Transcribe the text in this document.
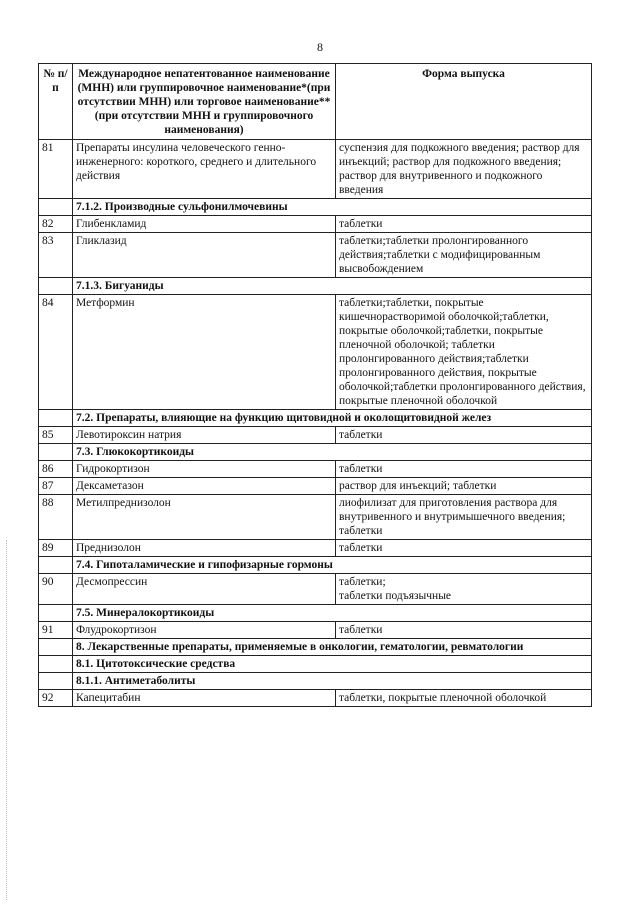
8
№ п/п	Международное непатентованное наименование (МНН) или группировочное наименование*(при отсутствии МНН) или торговое наименование** (при отсутствии МНН и группировочного наименования)	Форма выпуска
81	Препараты инсулина человеческого генно-инженерного: короткого, среднего и длительного действия	суспензия для подкожного введения; раствор для инъекций; раствор для подкожного введения; раствор для внутривенного и подкожного введения
	7.1.2. Производные сульфонилмочевины	
82	Глибенкламид	таблетки
83	Гликлазид	таблетки;таблетки пролонгированного действия;таблетки с модифицированным высвобождением
	7.1.3. Бигуаниды	
84	Метформин	таблетки;таблетки, покрытые кишечнорастворимой оболочкой;таблетки, покрытые оболочкой;таблетки, покрытые пленочной оболочкой; таблетки пролонгированного действия;таблетки пролонгированного действия, покрытые оболочкой;таблетки пролонгированного действия, покрытые пленочной оболочкой
	7.2. Препараты, влияющие на функцию щитовидной и околощитовидной желез	
85	Левотироксин натрия	таблетки
	7.3. Глюкокортикоиды	
86	Гидрокортизон	таблетки
87	Дексаметазон	раствор для инъекций; таблетки
88	Метилпреднизолон	лиофилизат для приготовления раствора для внутривенного и внутримышечного введения; таблетки
89	Преднизолон	таблетки
	7.4. Гипоталамические и гипофизарные гормоны	
90	Десмопрессин	таблетки;
таблетки подъязычные
	7.5. Минералокортикоиды	
91	Флудрокортизон	таблетки
	8. Лекарственные препараты, применяемые в онкологии, гематологии, ревматологии	
	8.1. Цитотоксические средства	
	8.1.1. Антиметаболиты	
92	Капецитабин	таблетки, покрытые пленочной оболочкой
